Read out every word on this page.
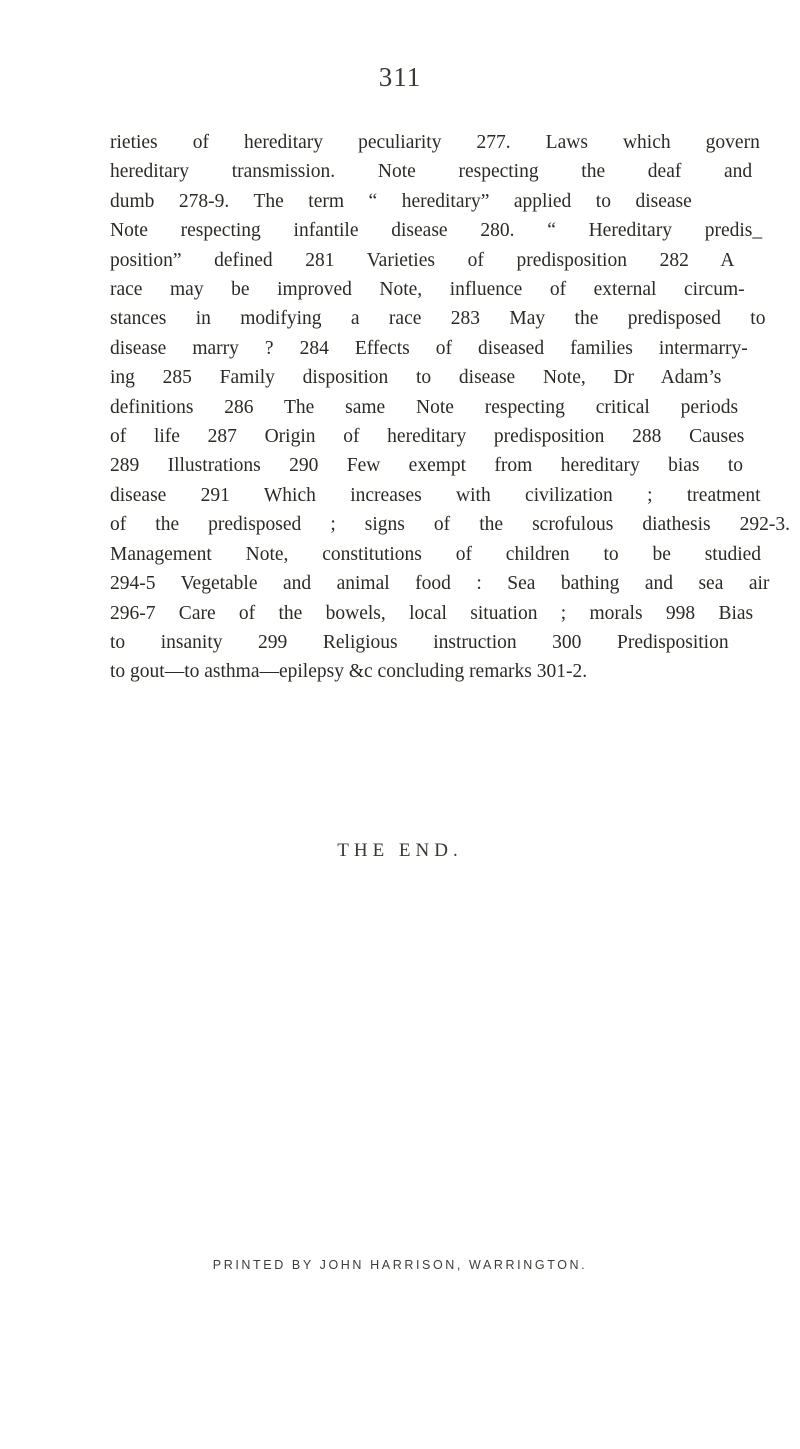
311
rieties of hereditary peculiarity 277. Laws which govern
hereditary transmission. Note respecting the deaf and
dumb 278-9. The term “ hereditary” applied to disease
Note respecting infantile disease 280. “ Hereditary predis_
position” defined 281 Varieties of predisposition 282 A
race may be improved Note, influence of external circum-
stances in modifying a race 283 May the predisposed to
disease marry ? 284 Effects of diseased families intermarry-
ing 285 Family disposition to disease Note, Dr Adam’s
definitions 286 The same Note respecting critical periods
of life 287 Origin of hereditary predisposition 288 Causes
289 Illustrations 290 Few exempt from hereditary bias to
disease 291 Which increases with civilization ; treatment
of the predisposed ; signs of the scrofulous diathesis 292-3.
Management Note, constitutions of children to be studied
294-5 Vegetable and animal food : Sea bathing and sea air
296-7 Care of the bowels, local situation ; morals 998 Bias
to insanity 299 Religious instruction 300 Predisposition
to gout—to asthma—epilepsy &c concluding remarks 301-2.
THE END.
PRINTED BY JOHN HARRISON, WARRINGTON.
